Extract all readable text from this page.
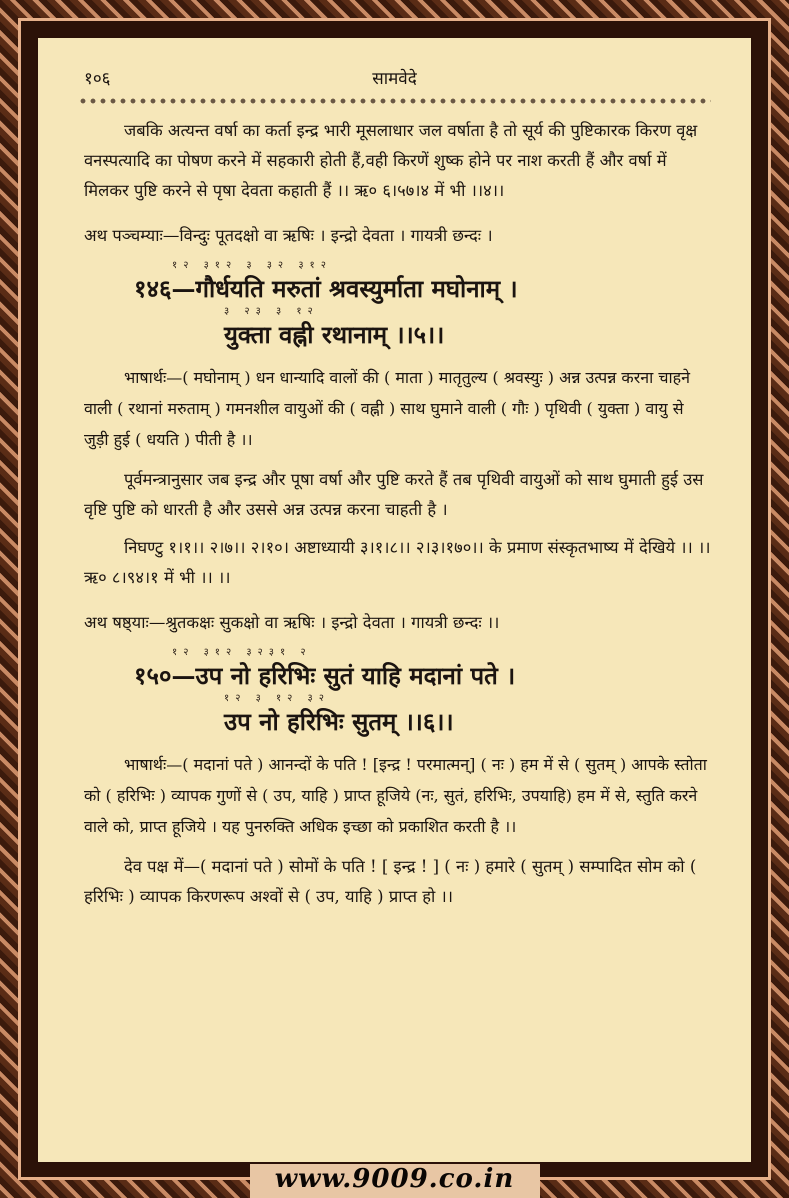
१०६	सामवेदे

जबकि अत्यन्त वर्षा का कर्ता इन्द्र भारी मूसलाधार जल वर्षाता है तो सूर्य की पुष्टिकारक किरण वृक्ष वनस्पत्यादि का पोषण करने में सहकारी होती हैं,वही किरणें शुष्क होने पर नाश करती हैं और वर्षा में मिलकर पुष्टि करने से पृषा देवता कहाती हैं ।। ऋ० ६।५७।४ में भी ।।४।।

अथ पञ्चम्याः—विन्दुः पूतदक्षो वा ऋषिः । इन्द्रो देवता । गायत्री छन्दः ।

१२ ३१२ ३ ३२ ३१२
१४६—गौर्धयति मरुतां श्रवस्युर्माता मघोनाम् ।
३ २३ ३ १२
युक्ता वह्नी रथानाम् ।।५।।

भाषार्थः—( मघोनाम् ) धन धान्यादि वालों की ( माता ) मातृतुल्य ( श्रवस्युः ) अन्न उत्पन्न करना चाहने वाली ( रथानां मरुताम् ) गमनशील वायुओं की ( वह्नी ) साथ घुमाने वाली ( गौः ) पृथिवी ( युक्ता ) वायु से जुड़ी हुई ( धयति ) पीती है ।।

पूर्वमन्त्रानुसार जब इन्द्र और पूषा वर्षा और पुष्टि करते हैं तब पृथिवी वायुओं को साथ घुमाती हुई उस वृष्टि पुष्टि को धारती है और उससे अन्न उत्पन्न करना चाहती है ।

निघण्टु १।१।। २।७।। २।१०। अष्टाध्यायी ३।१।८।। २।३।१७०।। के प्रमाण संस्कृतभाष्य में देखिये ।। ।। ऋ० ८।९४।१ में भी ।। ।।

अथ षष्ठ्याः—श्रुतकक्षः सुकक्षो वा ऋषिः । इन्द्रो देवता । गायत्री छन्दः ।।

१२ ३१२ ३२३१ २
१५०—उप नो हरिभिः सुतं याहि मदानां पते ।
१२ ३ १२ ३२
उप नो हरिभिः सुतम् ।।६।।

भाषार्थः—( मदानां पते ) आनन्दों के पति ! [इन्द्र ! परमात्मन्] ( नः ) हम में से ( सुतम् ) आपके स्तोता को ( हरिभिः ) व्यापक गुणों से ( उप, याहि ) प्राप्त हूजिये (नः, सुतं, हरिभिः, उपयाहि) हम में से, स्तुति करने वाले को, प्राप्त हूजिये । यह पुनरुक्ति अधिक इच्छा को प्रकाशित करती है ।।

देव पक्ष में—( मदानां पते ) सोमों के पति ! [ इन्द्र ! ] ( नः ) हमारे ( सुतम् ) सम्पादित सोम को ( हरिभिः ) व्यापक किरणरूप अश्वों से ( उप, याहि ) प्राप्त हो ।।

www.9009.co.in
